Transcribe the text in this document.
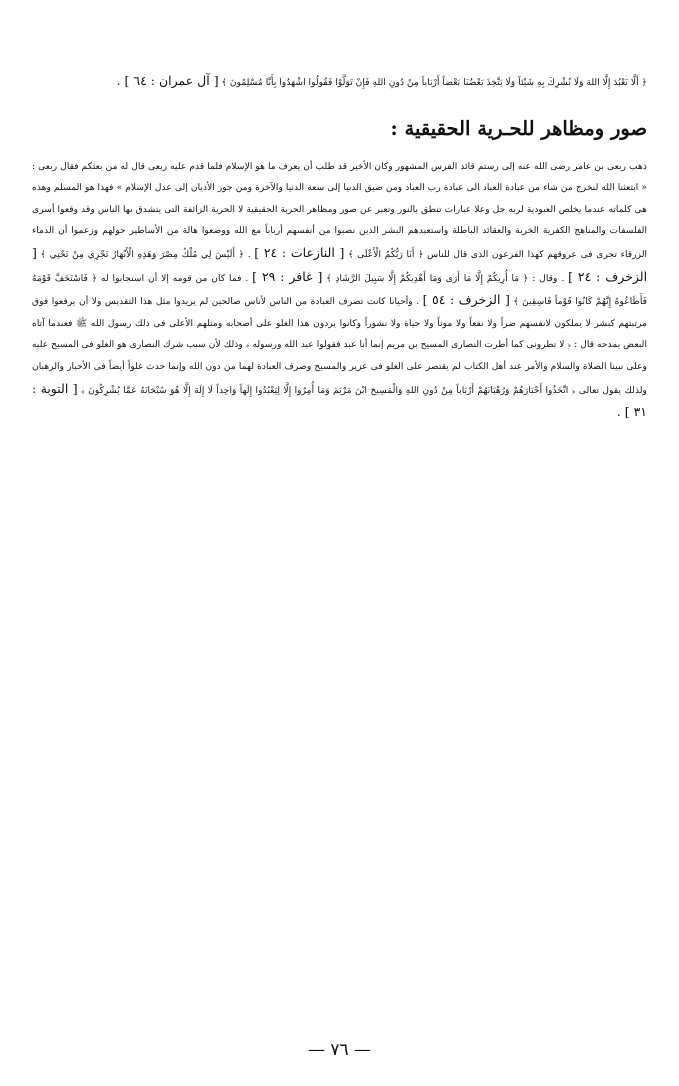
﴿ أَلَّا نَعْبُدَ إِلَّا اللهَ وَلَا نُشْرِكَ بِهِ شَيْئاً وَلَا يَتَّخِذَ بَعْضُنَا بَعْضاً أَرْبَاباً مِنْ دُونِ اللهِ فَإِنْ تَوَلَّوْا فَقُولُوا اشْهَدُوا بِأَنَّا مُسْلِمُونَ ﴾ [ آل عمران : ٦٤ ] .

صور ومظاهر للحـرية الحقيقية :

ذهب ربعى بن عامر رضى الله عنه إلى رستم قائد الفرس المشهور وكان الأخير قد طلب أن يعرف ما هو الإسلام فلما قدم عليه ربعى قال له من بعثكم فقال ربعى : « ابتعثنا الله لنخرج من شاء من عبادة العباد الى عبادة رب العباد ومن ضيق الدنيا إلى سعة الدنيا والآخرة ومن جور الأديان إلى عدل الإسلام » فهذا هو المسلم وهذه هى كلماته عندما يخلص العبودية لربه جل وعلا عبارات تنطق بالنور وتعبر عن صور ومظاهر الحرية الحقيقية لا الحرية الزائفة التى يتشدق بها الناس وقد وقعوا أسرى الفلسفات والمناهج الكفرية الخربة والعقائد الباطلة واستعبدهم البشر الذين نصبوا من أنفسهم أرباباً مع الله ووضعوا هالة من الأساطير حولهم وزعموا أن الدماء الزرقاء تجرى فى عروقهم كهذا الفرعون الذى قال للناس ﴿ أَنَا رَبُّكُمُ الْأَعْلَى ﴾ [ النازعات : ٢٤ ] . ﴿ أَلَيْسَ لِي مُلْكُ مِصْرَ وَهَذِهِ الْأَنْهَارُ تَجْرِي مِنْ تَحْتِي ﴾ [ الزخرف : ٢٤ ] . وقال : ﴿ مَا أُرِيكُمْ إِلَّا مَا أَرَى وَمَا أَهْدِيكُمْ إِلَّا سَبِيلَ الرَّشَادِ ﴾ [ غافر : ٢٩ ] . فما كان من قومه إلا أن استجابوا له ﴿ فَاسْتَخَفَّ قَوْمَهُ فَأَطَاعُوهُ إِنَّهُمْ كَانُوا قَوْماً فَاسِقِينَ ﴾ [ الزخرف : ٥٤ ] . وأحيانا كانت تصرف العبادة من الناس لأناس صالحين لم يريدوا مثل هذا التقديس ولا أن يرفعوا فوق مرتبتهم كبشر لا يملكون لانفسهم ضراً ولا نفعاً ولا موتاً ولا حياة ولا نشوراً وكانوا يردون هذا الغلو على أصحابه ومثلهم الأعلى فى ذلك رسول الله ﷺ فعندما آتاه البعض يمدحه قال : ﴿ لا تطرونى كما أطرت النصارى المسيح بن مريم إنما أنا عبد فقولوا عبد الله ورسوله ﴾ وذلك لأن سبب شرك النصارى هو الغلو فى المسيح عليه وعلى نبينا الصلاة والسلام والأمر عند أهل الكتاب لم يقتصر على الغلو فى عزير والمسيح وصرف العبادة لهما من دون الله وإنما حدث غلواً أيضاً فى الأحبار والرهبان ولذلك يقول تعالى ﴿ اتَّخَذُوا أَحْبَارَهُمْ وَرُهْبَانَهُمْ أَرْبَاباً مِنْ دُونِ اللهِ وَالْمَسِيحَ ابْنَ مَرْيَمَ وَمَا أُمِرُوا إِلَّا لِيَعْبُدُوا إِلَهاً وَاحِداً لَا إِلَهَ إِلَّا هُوَ سُبْحَانَهُ عَمَّا يُشْرِكُونَ ﴾ [ التوبة : ٣١ ] .

— ٧٦ —
